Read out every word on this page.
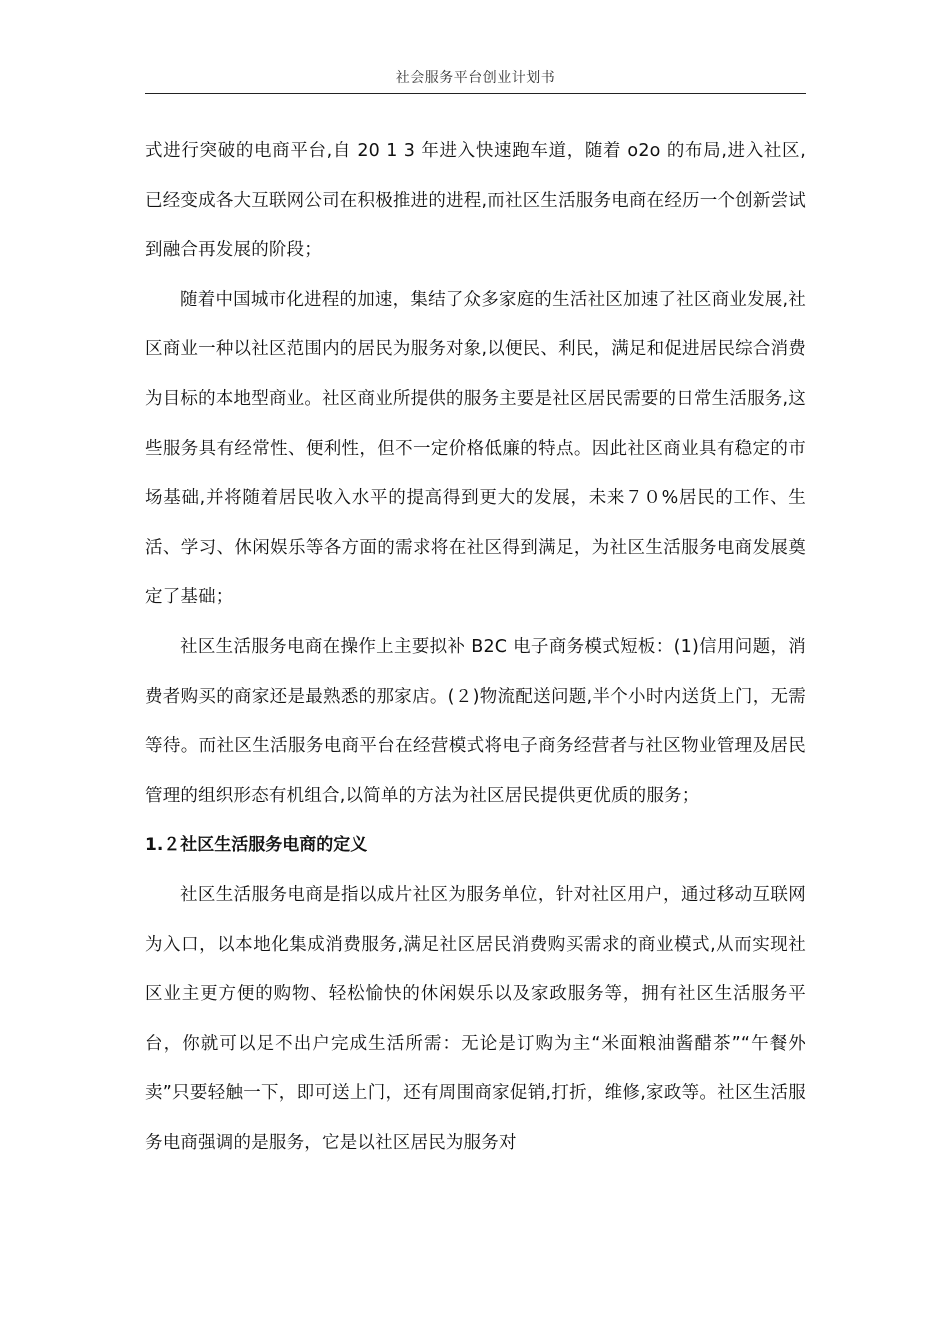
社会服务平台创业计划书

式进行突破的电商平台,自 20 1 3 年进入快速跑车道，随着 o2o 的布局,进入社区,已经变成各大互联网公司在积极推进的进程,而社区生活服务电商在经历一个创新尝试到融合再发展的阶段；

随着中国城市化进程的加速，集结了众多家庭的生活社区加速了社区商业发展,社区商业一种以社区范围内的居民为服务对象,以便民、利民，满足和促进居民综合消费为目标的本地型商业。社区商业所提供的服务主要是社区居民需要的日常生活服务,这些服务具有经常性、便利性，但不一定价格低廉的特点。因此社区商业具有稳定的市场基础,并将随着居民收入水平的提高得到更大的发展，未来７０%居民的工作、生活、学习、休闲娱乐等各方面的需求将在社区得到满足，为社区生活服务电商发展奠定了基础；

社区生活服务电商在操作上主要拟补 B2C 电子商务模式短板：(1)信用问题，消费者购买的商家还是最熟悉的那家店。(２)物流配送问题,半个小时内送货上门，无需等待。而社区生活服务电商平台在经营模式将电子商务经营者与社区物业管理及居民管理的组织形态有机组合,以简单的方法为社区居民提供更优质的服务；

1.２社区生活服务电商的定义

社区生活服务电商是指以成片社区为服务单位，针对社区用户，通过移动互联网为入口，以本地化集成消费服务,满足社区居民消费购买需求的商业模式,从而实现社区业主更方便的购物、轻松愉快的休闲娱乐以及家政服务等，拥有社区生活服务平台，你就可以足不出户完成生活所需：无论是订购为主“米面粮油酱醋茶”“午餐外卖”只要轻触一下，即可送上门，还有周围商家促销,打折，维修,家政等。社区生活服务电商强调的是服务，它是以社区居民为服务对
